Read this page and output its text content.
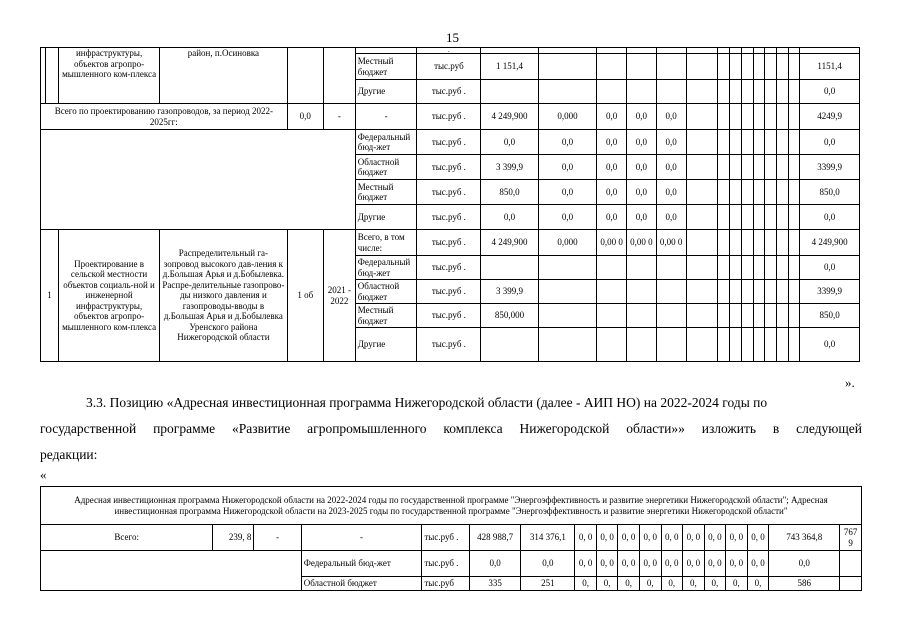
15
		инфраструктуры, объектов агропро-мышленного ком-плекса	район, п.Осиновка				.														
						Местный бюджет	тыс.руб	1 151,4													1151,4
						Другие	тыс.руб .														0,0
Всего по проектированию газопроводов, за период 2022-2025гг:				0,0	-	-	тыс.руб .	4 249,900	0,000	0,0	0,0	0,0									4249,9
						Федеральный бюд-жет	тыс.руб .	0,0	0,0	0,0	0,0	0,0									0,0
						Областной бюджет	тыс.руб .	3 399,9	0,0	0,0	0,0	0,0									3399,9
						Местный бюджет	тыс.руб .	850,0	0,0	0,0	0,0	0,0									850,0
						Другие	тыс.руб .	0,0	0,0	0,0	0,0	0,0									0,0
1		Проектирование в сельской местности объектов социаль-ной и инженерной инфраструктуры, объектов агропро-мышленного ком-плекса	Распределительный га-зопровод высокого дав-ления к д.Большая Арья и д.Бобылевка. Распре-делительные газопрово-ды низкого давления и газопроводы-вводы в д.Большая Арья и д.Бобылевка Уренского района Нижегородской области	1 об	2021 - 2022	Всего, в том числе:	тыс.руб .	4 249,900	0,000	0,00 0	0,00 0	0,00 0									4 249,900
						Федеральный бюд-жет	тыс.руб .														0,0
						Областной бюджет	тыс.руб .	3 399,9													3399,9
						Местный бюджет	тыс.руб .	850,000													850,0
						Другие	тыс.руб .														0,0
».
3.3. Позицию «Адресная инвестиционная программа Нижегородской области (далее - АИП НО) на 2022-2024 годы по
государственной программе «Развитие агропромышленного комплекса Нижегородской области»» изложить в следующей
редакции:
«
Адресная инвестиционная программа Нижегородской области на 2022-2024 годы по государственной программе "Энергоэффективность и развитие энергетики Нижегородской области"; Адресная инвестиционная программа Нижегородской области на 2023-2025 годы по государственной программе "Энергоэффективность и развитие энергетики Нижегородской области"																	
Всего:	239, 8	-	-	тыс.руб .	428 988,7	314 376,1	0, 0	0, 0	0, 0	0, 0	0, 0	0, 0	0, 0	0, 0	0, 0	743 364,8	767 9
			Федеральный бюд-жет	тыс.руб .	0,0	0,0	0, 0	0, 0	0, 0	0, 0	0, 0	0, 0	0, 0	0, 0	0, 0	0,0	
			Областной бюджет	тыс.руб	335	251	0,	0,	0,	0,	0,	0,	0,	0,	0,	586	
